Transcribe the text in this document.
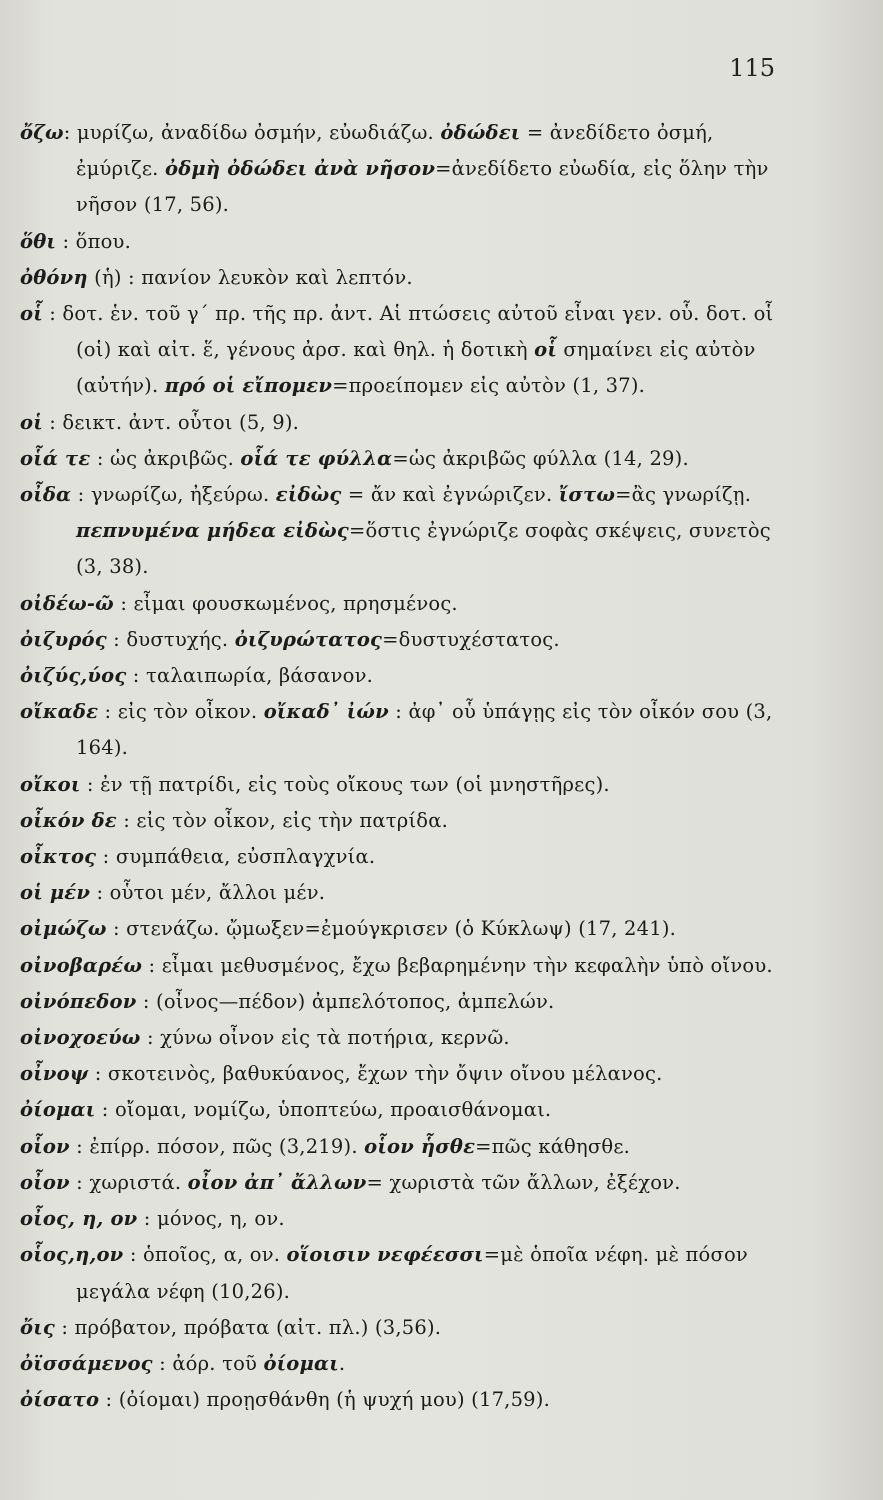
115
ὄζω: μυρίζω, ἀναδίδω ὀσμήν, εὐωδιάζω. ὀδώδει = ἀνεδίδετο ὀσμή, ἐμύριζε. ὀδμὴ ὀδώδει ἀνὰ νῆσον=ἀνεδίδετο εὐωδία, εἰς ὅλην τὴν νῆσον (17, 56).
ὅθι : ὅπου.
ὀθόνη (ἡ) : πανίον λευκὸν καὶ λεπτόν.
οἷ : δοτ. ἑν. τοῦ γ΄ πρ. τῆς πρ. ἀντ. Αἱ πτώσεις αὐτοῦ εἶναι γεν. οὗ. δοτ. οἷ (οἱ) καὶ αἰτ. ἕ, γένους ἀρσ. καὶ θηλ. ἡ δοτικὴ οἷ σημαίνει εἰς αὐτὸν (αὐτήν). πρό οἱ εἴπομεν=προείπομεν εἰς αὐτὸν (1, 37).
οἱ : δεικτ. ἀντ. οὗτοι (5, 9).
οἷά τε : ὡς ἀκριβῶς. οἷά τε φύλλα=ὡς ἀκριβῶς φύλλα (14, 29).
οἶδα : γνωρίζω, ἠξεύρω. εἰδὼς = ἄν καὶ ἐγνώριζεν. ἴστω=ἂς γνωρίζῃ. πεπνυμένα μήδεα εἰδὼς=ὅστις ἐγνώριζε σοφὰς σκέψεις, συνετὸς (3, 38).
οἰδέω-ῶ : εἶμαι φουσκωμένος, πρησμένος.
ὀιζυρός : δυστυχής. ὀιζυρώτατος=δυστυχέστατος.
ὀιζύς,ύος : ταλαιπωρία, βάσανον.
οἴκαδε : εἰς τὸν οἶκον. οἴκαδ᾽ ἰών : ἀφ᾽ οὗ ὑπάγῃς εἰς τὸν οἶκόν σου (3, 164).
οἴκοι : ἐν τῇ πατρίδι, εἰς τοὺς οἴκους των (οἱ μνηστῆρες).
οἶκόν δε : εἰς τὸν οἶκον, εἰς τὴν πατρίδα.
οἶκτος : συμπάθεια, εὐσπλαγχνία.
οἱ μέν : οὗτοι μέν, ἄλλοι μέν.
οἰμώζω : στενάζω. ᾤμωξεν=ἐμούγκρισεν (ὁ Κύκλωψ) (17, 241).
οἰνοβαρέω : εἶμαι μεθυσμένος, ἔχω βεβαρημένην τὴν κεφαλὴν ὑπὸ οἴνου.
οἰνόπεδον : (οἶνος—πέδον) ἀμπελότοπος, ἀμπελών.
οἰνοχοεύω : χύνω οἶνον εἰς τὰ ποτήρια, κερνῶ.
οἶνοψ : σκοτεινὸς, βαθυκύανος, ἔχων τὴν ὄψιν οἴνου μέλανος.
ὀίομαι : οἴομαι, νομίζω, ὑποπτεύω, προαισθάνομαι.
οἷον : ἐπίρρ. πόσον, πῶς (3,219). οἷον ἧσθε=πῶς κάθησθε.
οἶον : χωριστά. οἶον ἀπ᾽ ἄλλων= χωριστὰ τῶν ἄλλων, ἐξέχον.
οἶος, η, ον : μόνος, η, ον.
οἷος,η,ον : ὁποῖος, α, ον. οἵοισιν νεφέεσσι=μὲ ὁποῖα νέφη. μὲ πόσον μεγάλα νέφη (10,26).
ὄις : πρόβατον, πρόβατα (αἰτ. πλ.) (3,56).
ὀϊσσάμενος : ἀόρ. τοῦ ὀίομαι.
ὀίσατο : (ὀίομαι) προῃσθάνθη (ἡ ψυχή μου) (17,59).
